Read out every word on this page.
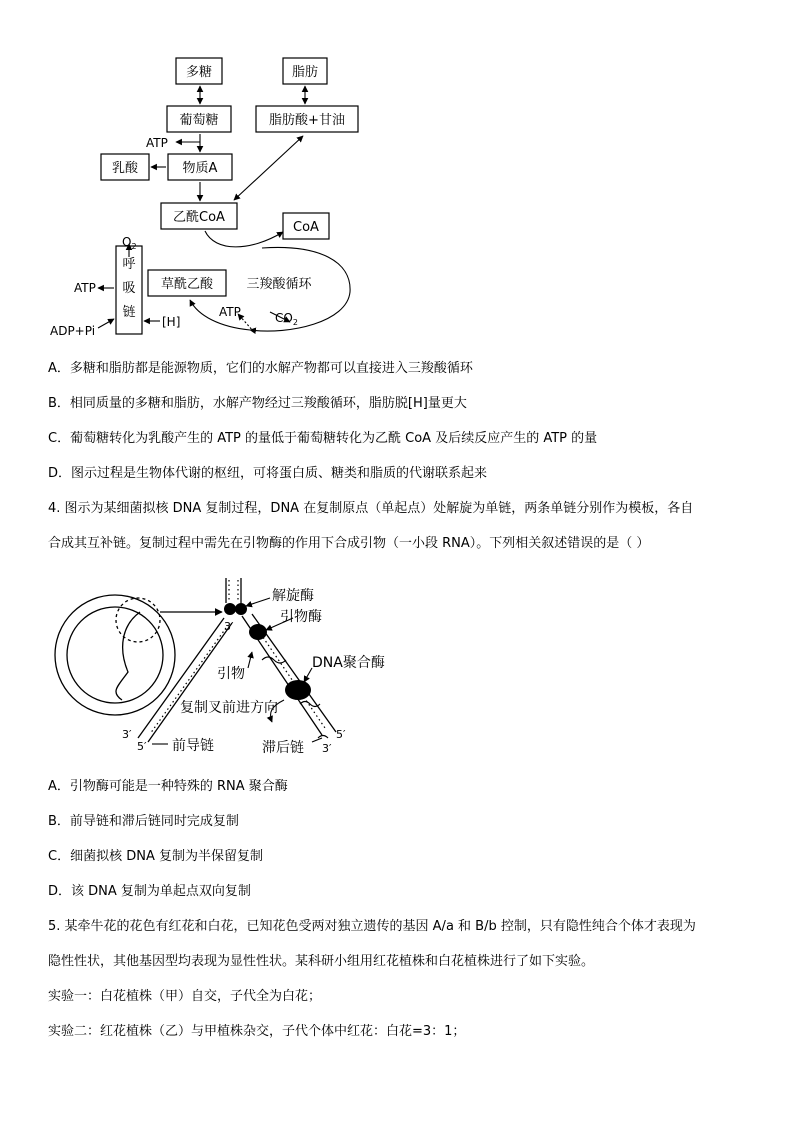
多糖	脂肪
葡萄糖	脂肪酸+甘油
ATP
乳酸	物质A
乙酰CoA
CoA
$O_2$
呼
吸
链
草酰乙酸	三羧酸循环
ATP
ADP+Pi
[H]
ATP	$CO_2$
A．多糖和脂肪都是能源物质，它们的水解产物都可以直接进入三羧酸循环
B．相同质量的多糖和脂肪，水解产物经过三羧酸循环，脂肪脱[H]量更大
C．葡萄糖转化为乳酸产生的 ATP 的量低于葡萄糖转化为乙酰 CoA 及后续反应产生的 ATP 的量
D．图示过程是生物体代谢的枢纽，可将蛋白质、糖类和脂质的代谢联系起来
4. 图示为某细菌拟核 DNA 复制过程，DNA 在复制原点（单起点）处解旋为单链，两条单链分别作为模板，各自
合成其互补链。复制过程中需先在引物酶的作用下合成引物（一小段 RNA）。下列相关叙述错误的是（ ）
解旋酶
引物酶
引物
DNA聚合酶
复制叉前进方向
前导链	滞后链
3′
3′
5′	3′
5′
A．引物酶可能是一种特殊的 RNA 聚合酶
B．前导链和滞后链同时完成复制
C．细菌拟核 DNA 复制为半保留复制
D．该 DNA 复制为单起点双向复制
5. 某牵牛花的花色有红花和白花，已知花色受两对独立遗传的基因 A/a 和 B/b 控制，只有隐性纯合个体才表现为
隐性性状，其他基因型均表现为显性性状。某科研小组用红花植株和白花植株进行了如下实验。
实验一：白花植株（甲）自交，子代全为白花；
实验二：红花植株（乙）与甲植株杂交，子代个体中红花：白花=3：1；
